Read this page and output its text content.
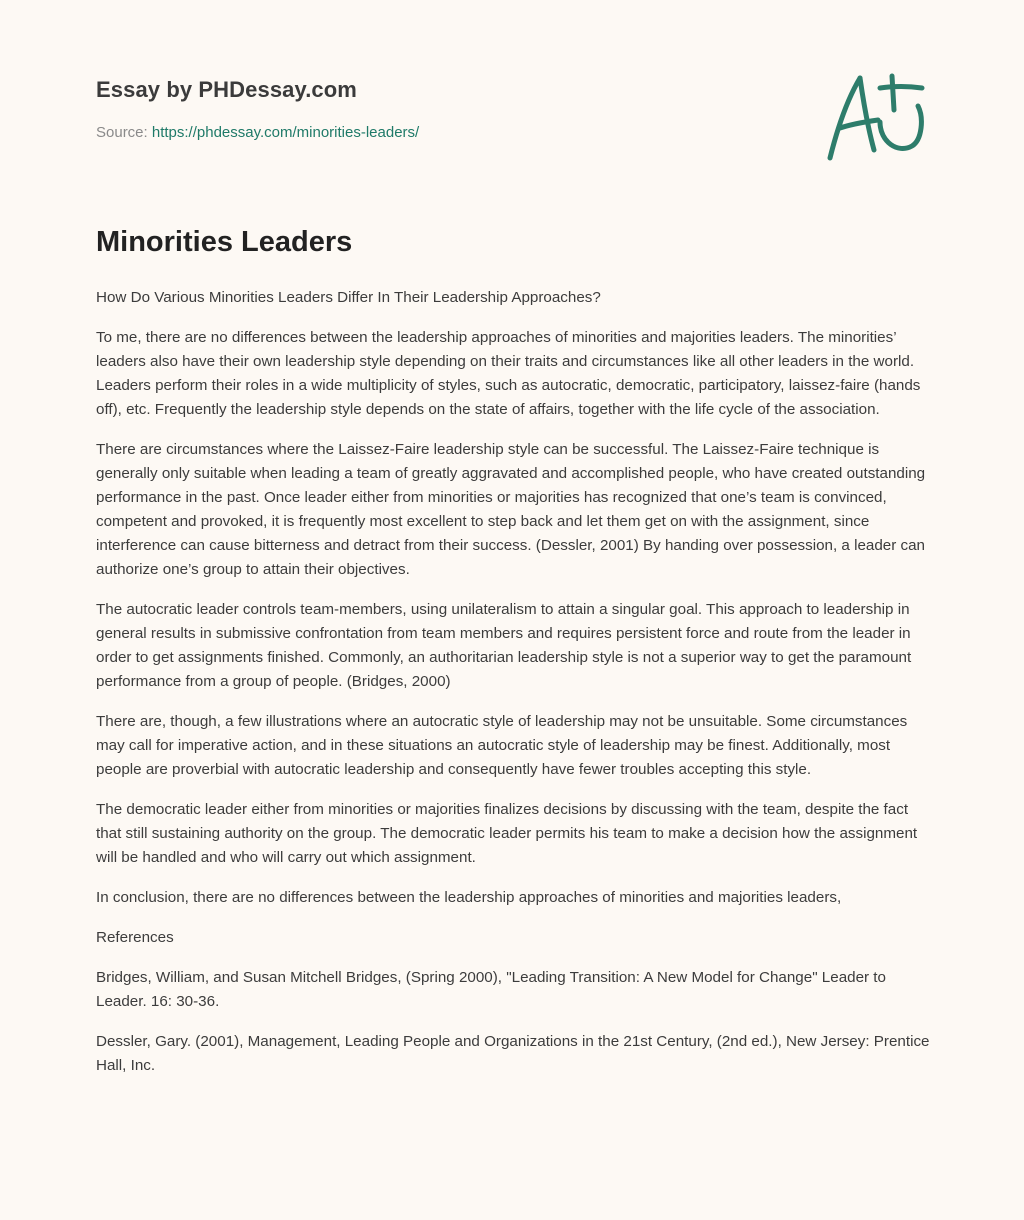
Essay by PHDessay.com

Source: https://phdessay.com/minorities-leaders/

Minorities Leaders

How Do Various Minorities Leaders Differ In Their Leadership Approaches?

To me, there are no differences between the leadership approaches of minorities and majorities leaders. The minorities’ leaders also have their own leadership style depending on their traits and circumstances like all other leaders in the world. Leaders perform their roles in a wide multiplicity of styles, such as autocratic, democratic, participatory, laissez-faire (hands off), etc. Frequently the leadership style depends on the state of affairs, together with the life cycle of the association.

There are circumstances where the Laissez-Faire leadership style can be successful. The Laissez-Faire technique is generally only suitable when leading a team of greatly aggravated and accomplished people, who have created outstanding performance in the past. Once leader either from minorities or majorities has recognized that one’s team is convinced, competent and provoked, it is frequently most excellent to step back and let them get on with the assignment, since interference can cause bitterness and detract from their success. (Dessler, 2001) By handing over possession, a leader can authorize one’s group to attain their objectives.

The autocratic leader controls team-members, using unilateralism to attain a singular goal. This approach to leadership in general results in submissive confrontation from team members and requires persistent force and route from the leader in order to get assignments finished. Commonly, an authoritarian leadership style is not a superior way to get the paramount performance from a group of people. (Bridges, 2000)

There are, though, a few illustrations where an autocratic style of leadership may not be unsuitable. Some circumstances may call for imperative action, and in these situations an autocratic style of leadership may be finest. Additionally, most people are proverbial with autocratic leadership and consequently have fewer troubles accepting this style.

The democratic leader either from minorities or majorities finalizes decisions by discussing with the team, despite the fact that still sustaining authority on the group. The democratic leader permits his team to make a decision how the assignment will be handled and who will carry out which assignment.

In conclusion, there are no differences between the leadership approaches of minorities and majorities leaders,

References

Bridges, William, and Susan Mitchell Bridges, (Spring 2000), "Leading Transition: A New Model for Change" Leader to Leader. 16: 30-36.

Dessler, Gary. (2001), Management, Leading People and Organizations in the 21st Century, (2nd ed.), New Jersey: Prentice Hall, Inc.
